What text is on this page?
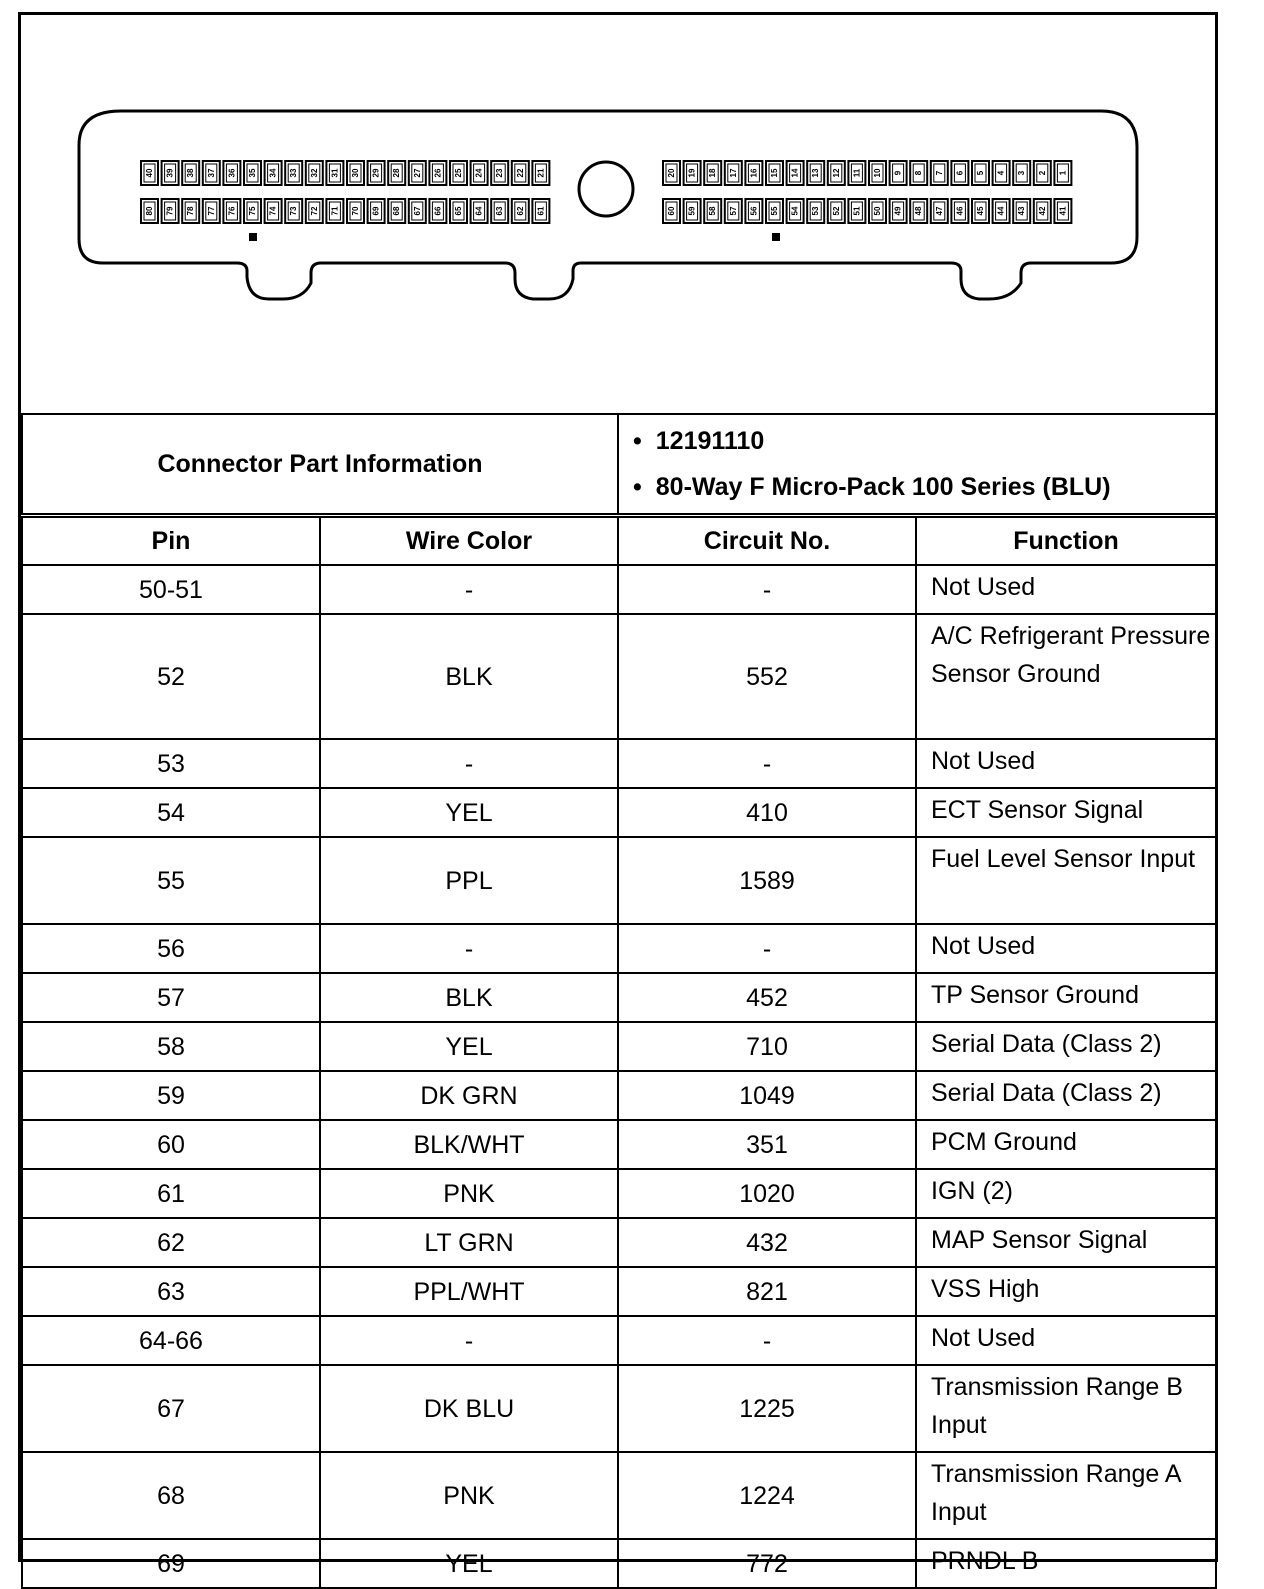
40 39 38 37 36 35 34 33 32 31 30 29 28 27 26 25 24 23 22 21
80 79 78 77 76 75 74 73 72 71 70 69 68 67 66 65 64 63 62 61
20 19 18 17 16 15 14 13 12 11 10 9 8 7 6 5 4 3 2 1
60 59 58 57 56 55 54 53 52 51 50 49 48 47 46 45 44 43 42 41
Connector Part Information	
• 12191110
• 80-Way F Micro-Pack 100 Series (BLU)
Pin	Wire Color	Circuit No.	Function
50-51	-	-	Not Used
52	BLK	552	A/C Refrigerant Pressure Sensor Ground
53	-	-	Not Used
54	YEL	410	ECT Sensor Signal
55	PPL	1589	Fuel Level Sensor Input
56	-	-	Not Used
57	BLK	452	TP Sensor Ground
58	YEL	710	Serial Data (Class 2)
59	DK GRN	1049	Serial Data (Class 2)
60	BLK/WHT	351	PCM Ground
61	PNK	1020	IGN (2)
62	LT GRN	432	MAP Sensor Signal
63	PPL/WHT	821	VSS High
64-66	-	-	Not Used
67	DK BLU	1225	Transmission Range B Input
68	PNK	1224	Transmission Range A Input
69	YEL	772	PRNDL B
